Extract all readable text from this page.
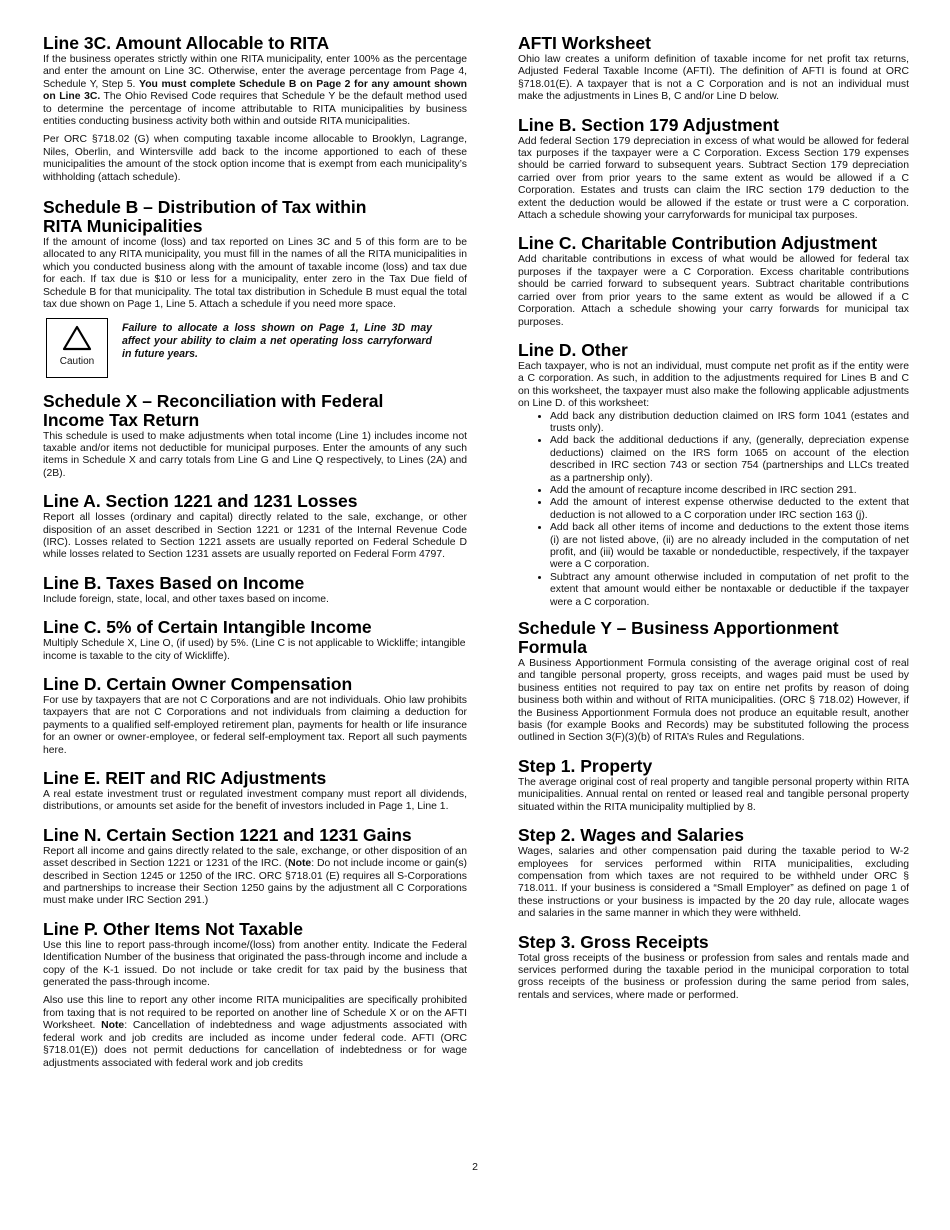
Line 3C. Amount Allocable to RITA

If the business operates strictly within one RITA municipality, enter 100% as the percentage and enter the amount on Line 3C. Otherwise, enter the average percentage from Page 4, Schedule Y, Step 5. You must complete Schedule B on Page 2 for any amount shown on Line 3C. The Ohio Revised Code requires that Schedule Y be the default method used to determine the percentage of income attributable to RITA municipalities by business entities conducting business activity both within and outside RITA municipalities.

Per ORC §718.02 (G) when computing taxable income allocable to Brooklyn, Lagrange, Niles, Oberlin, and Wintersville add back to the income apportioned to each of these municipalities the amount of the stock option income that is exempt from each municipality’s withholding (attach schedule).

Schedule B – Distribution of Tax within
RITA Municipalities

If the amount of income (loss) and tax reported on Lines 3C and 5 of this form are to be allocated to any RITA municipality, you must fill in the names of all the RITA municipalities in which you conducted business along with the amount of taxable income (loss) and tax due for each. If tax due is $10 or less for a municipality, enter zero in the Tax Due field of Schedule B for that municipality. The total tax distribution in Schedule B must equal the total tax due shown on Page 1, Line 5. Attach a schedule if you need more space.

Caution
Failure to allocate a loss shown on Page 1, Line 3D may affect your ability to claim a net operating loss carryforward in future years.
Schedule X – Reconciliation with Federal
Income Tax Return

This schedule is used to make adjustments when total income (Line 1) includes income not taxable and/or items not deductible for municipal purposes. Enter the amounts of any such items in Schedule X and carry totals from Line G and Line Q respectively, to Lines (2A) and (2B).

Line A. Section 1221 and 1231 Losses

Report all losses (ordinary and capital) directly related to the sale, exchange, or other disposition of an asset described in Section 1221 or 1231 of the Internal Revenue Code (IRC). Losses related to Section 1221 assets are usually reported on Federal Schedule D while losses related to Section 1231 assets are usually reported on Federal Form 4797.

Line B. Taxes Based on Income

Include foreign, state, local, and other taxes based on income.

Line C. 5% of Certain Intangible Income

Multiply Schedule X, Line O, (if used) by 5%. (Line C is not applicable to Wickliffe; intangible income is taxable to the city of Wickliffe).

Line D. Certain Owner Compensation

For use by taxpayers that are not C Corporations and are not individuals. Ohio law prohibits taxpayers that are not C Corporations and not individuals from claiming a deduction for payments to a qualified self-employed retirement plan, payments for health or life insurance for an owner or owner-employee, or federal self-employment tax. Report all such payments here.

Line E. REIT and RIC Adjustments

A real estate investment trust or regulated investment company must report all dividends, distributions, or amounts set aside for the benefit of investors included in Page 1, Line 1.

Line N. Certain Section 1221 and 1231 Gains

Report all income and gains directly related to the sale, exchange, or other disposition of an asset described in Section 1221 or 1231 of the IRC. (Note: Do not include income or gain(s) described in Section 1245 or 1250 of the IRC. ORC §718.01 (E) requires all S-Corporations and partnerships to increase their Section 1250 gains by the adjustment all C Corporations must make under IRC Section 291.)

Line P. Other Items Not Taxable

Use this line to report pass-through income/(loss) from another entity. Indicate the Federal Identification Number of the business that originated the pass-through income and include a copy of the K-1 issued. Do not include or take credit for tax paid by the business that generated the pass-through income.

Also use this line to report any other income RITA municipalities are specifically prohibited from taxing that is not required to be reported on another line of Schedule X or on the AFTI Worksheet. Note: Cancellation of indebtedness and wage adjustments associated with federal work and job credits are included as income under federal code. AFTI (ORC §718.01(E)) does not permit deductions for cancellation of indebtedness or for wage adjustments associated with federal work and job credits

AFTI Worksheet

Ohio law creates a uniform definition of taxable income for net profit tax returns, Adjusted Federal Taxable Income (AFTI). The definition of AFTI is found at ORC §718.01(E). A taxpayer that is not a C Corporation and is not an individual must make the adjustments in Lines B, C and/or Line D below.

Line B. Section 179 Adjustment

Add federal Section 179 depreciation in excess of what would be allowed for federal tax purposes if the taxpayer were a C Corporation. Excess Section 179 expenses should be carried forward to subsequent years. Subtract Section 179 depreciation carried over from prior years to the same extent as would be allowed if a C Corporation. Estates and trusts can claim the IRC section 179 deduction to the extent the deduction would be allowed if the estate or trust were a C corporation. Attach a schedule showing your carryforwards for municipal tax purposes.

Line C. Charitable Contribution Adjustment

Add charitable contributions in excess of what would be allowed for federal tax purposes if the taxpayer were a C Corporation. Excess charitable contributions should be carried forward to subsequent years. Subtract charitable contributions carried over from prior years to the same extent as would be allowed if a C Corporation. Attach a schedule showing your carry forwards for municipal tax purposes.

Line D. Other

Each taxpayer, who is not an individual, must compute net profit as if the entity were a C corporation. As such, in addition to the adjustments required for Lines B and C on this worksheet, the taxpayer must also make the following applicable adjustments on Line D. of this worksheet:

• Add back any distribution deduction claimed on IRS form 1041 (estates and trusts only).
• Add back the additional deductions if any, (generally, depreciation expense deductions) claimed on the IRS form 1065 on account of the election described in IRC section 743 or section 754 (partnerships and LLCs treated as a partnership only).
• Add the amount of recapture income described in IRC section 291.
• Add the amount of interest expense otherwise deducted to the extent that deduction is not allowed to a C corporation under IRC section 163 (j).
• Add back all other items of income and deductions to the extent those items (i) are not listed above, (ii) are no already included in the computation of net profit, and (iii) would be taxable or nondeductible, respectively, if the taxpayer were a C corporation.
• Subtract any amount otherwise included in computation of net profit to the extent that amount would either be nontaxable or deductible if the taxpayer were a C corporation.
Schedule Y – Business Apportionment
Formula

A Business Apportionment Formula consisting of the average original cost of real and tangible personal property, gross receipts, and wages paid must be used by business entities not required to pay tax on entire net profits by reason of doing business both within and without of RITA municipalities. (ORC § 718.02) However, if the Business Apportionment Formula does not produce an equitable result, another basis (for example Books and Records) may be substituted following the process outlined in Section 3(F)(3)(b) of RITA’s Rules and Regulations.

Step 1. Property

The average original cost of real property and tangible personal property within RITA municipalities. Annual rental on rented or leased real and tangible personal property situated within the RITA municipality multiplied by 8.

Step 2. Wages and Salaries

Wages, salaries and other compensation paid during the taxable period to W-2 employees for services performed within RITA municipalities, excluding compensation from which taxes are not required to be withheld under ORC § 718.011. If your business is considered a “Small Employer” as defined on page 1 of these instructions or your business is impacted by the 20 day rule, allocate wages and salaries in the same manner in which they were withheld.

Step 3. Gross Receipts

Total gross receipts of the business or profession from sales and rentals made and services performed during the taxable period in the municipal corporation to total gross receipts of the business or profession during the same period from sales, rentals and services, where made or performed.

2
